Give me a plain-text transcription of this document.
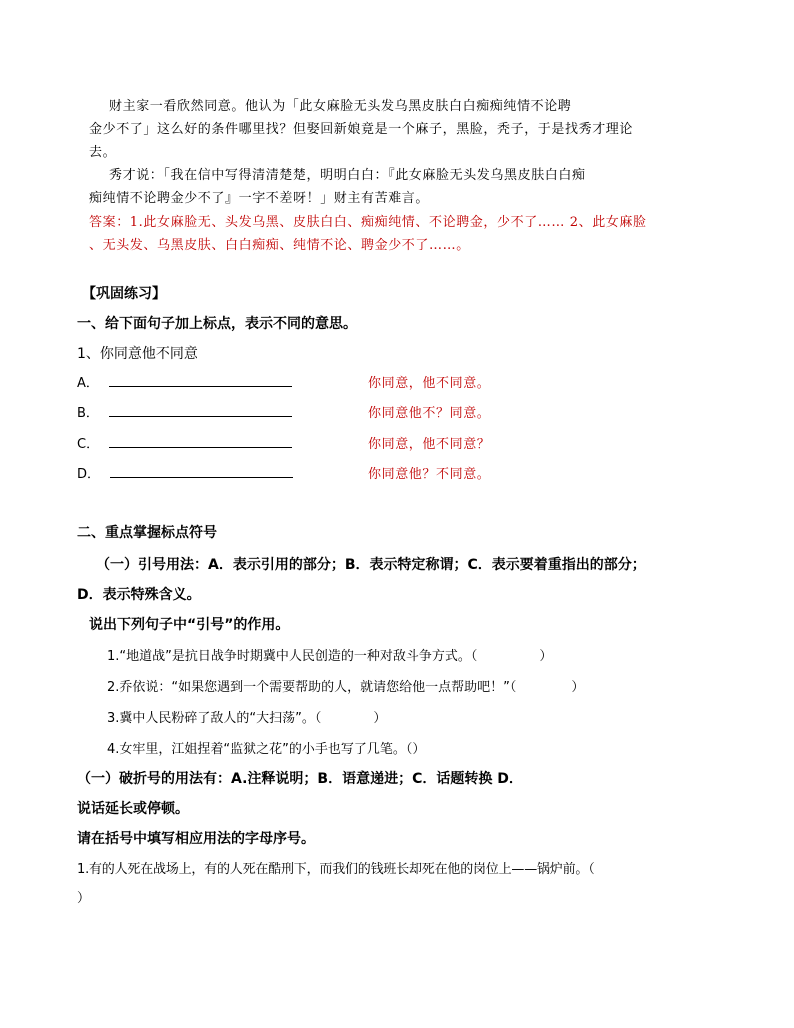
财主家一看欣然同意。他认为「此女麻脸无头发乌黑皮肤白白痴痴纯情不论聘
金少不了」这么好的条件哪里找？但娶回新娘竟是一个麻子，黑脸，秃子，于是找秀才理论
去。
秀才说：「我在信中写得清清楚楚，明明白白：『此女麻脸无头发乌黑皮肤白白痴
痴纯情不论聘金少不了』一字不差呀！」财主有苦难言。
答案：1.此女麻脸无、头发乌黑、皮肤白白、痴痴纯情、不论聘金，少不了…… 2、此女麻脸
、无头发、乌黑皮肤、白白痴痴、纯情不论、聘金少不了……。
【巩固练习】
一、给下面句子加上标点，表示不同的意思。
1、你同意他不同意
A．	你同意，他不同意。
B．	你同意他不？同意。
C．	你同意，他不同意？
D．	你同意他？不同意。
二、重点掌握标点符号
（一）引号用法：A．表示引用的部分；B．表示特定称谓；C．表示要着重指出的部分；
D．表示特殊含义。
说出下列句子中“引号”的作用。
1.“地道战”是抗日战争时期冀中人民创造的一种对敌斗争方式。（	）
2.乔依说：“如果您遇到一个需要帮助的人，就请您给他一点帮助吧！”（	）
3.冀中人民粉碎了敌人的“大扫荡”。（	）
4.女牢里，江姐捏着“监狱之花”的小手也写了几笔。（）
（一）破折号的用法有：A.注释说明；B．语意递进；C．话题转换 D．
说话延长或停顿。
请在括号中填写相应用法的字母序号。
1.有的人死在战场上，有的人死在酷刑下，而我们的钱班长却死在他的岗位上——锅炉前。（
）
